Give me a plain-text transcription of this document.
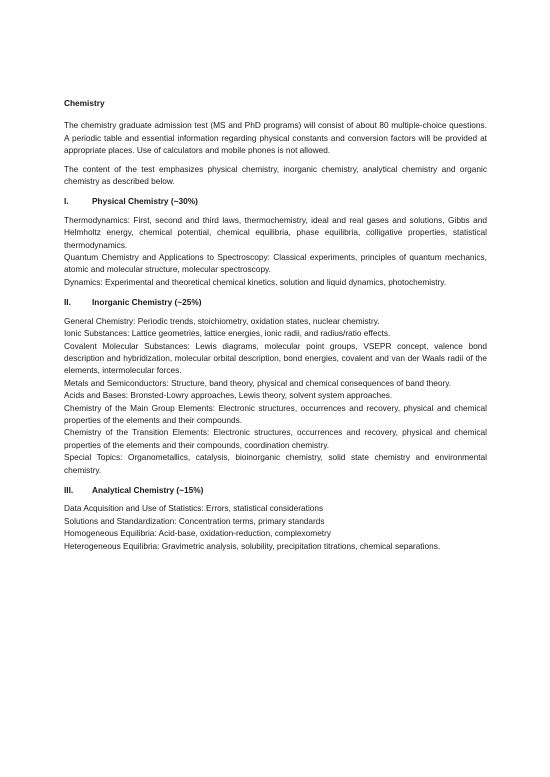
Chemistry

The chemistry graduate admission test (MS and PhD programs) will consist of about 80 multiple-choice questions. A periodic table and essential information regarding physical constants and conversion factors will be provided at appropriate places. Use of calculators and mobile phones is not allowed.

The content of the test emphasizes physical chemistry, inorganic chemistry, analytical chemistry and organic chemistry as described below.

I.	Physical Chemistry (~30%)
Thermodynamics: First, second and third laws, thermochemistry, ideal and real gases and solutions, Gibbs and Helmholtz energy, chemical potential, chemical equilibria, phase equilibria, colligative properties, statistical thermodynamics.
Quantum Chemistry and Applications to Spectroscopy: Classical experiments, principles of quantum mechanics, atomic and molecular structure, molecular spectroscopy.
Dynamics: Experimental and theoretical chemical kinetics, solution and liquid dynamics, photochemistry.
II.	Inorganic Chemistry (~25%)
General Chemistry: Periodic trends, stoichiometry, oxidation states, nuclear chemistry.
Ionic Substances: Lattice geometries, lattice energies, ionic radii, and radius/ratio effects.
Covalent Molecular Substances: Lewis diagrams, molecular point groups, VSEPR concept, valence bond description and hybridization, molecular orbital description, bond energies, covalent and van der Waals radii of the elements, intermolecular forces.
Metals and Semiconductors: Structure, band theory, physical and chemical consequences of band theory.
Acids and Bases: Bronsted-Lowry approaches, Lewis theory, solvent system approaches.
Chemistry of the Main Group Elements: Electronic structures, occurrences and recovery, physical and chemical properties of the elements and their compounds.
Chemistry of the Transition Elements: Electronic structures, occurrences and recovery, physical and chemical properties of the elements and their compounds, coordination chemistry.
Special Topics: Organometallics, catalysis, bioinorganic chemistry, solid state chemistry and environmental chemistry.
III.	Analytical Chemistry (~15%)
Data Acquisition and Use of Statistics: Errors, statistical considerations
Solutions and Standardization: Concentration terms, primary standards
Homogeneous Equilibria: Acid-base, oxidation-reduction, complexometry
Heterogeneous Equilibria: Gravimetric analysis, solubility, precipitation titrations, chemical separations.
